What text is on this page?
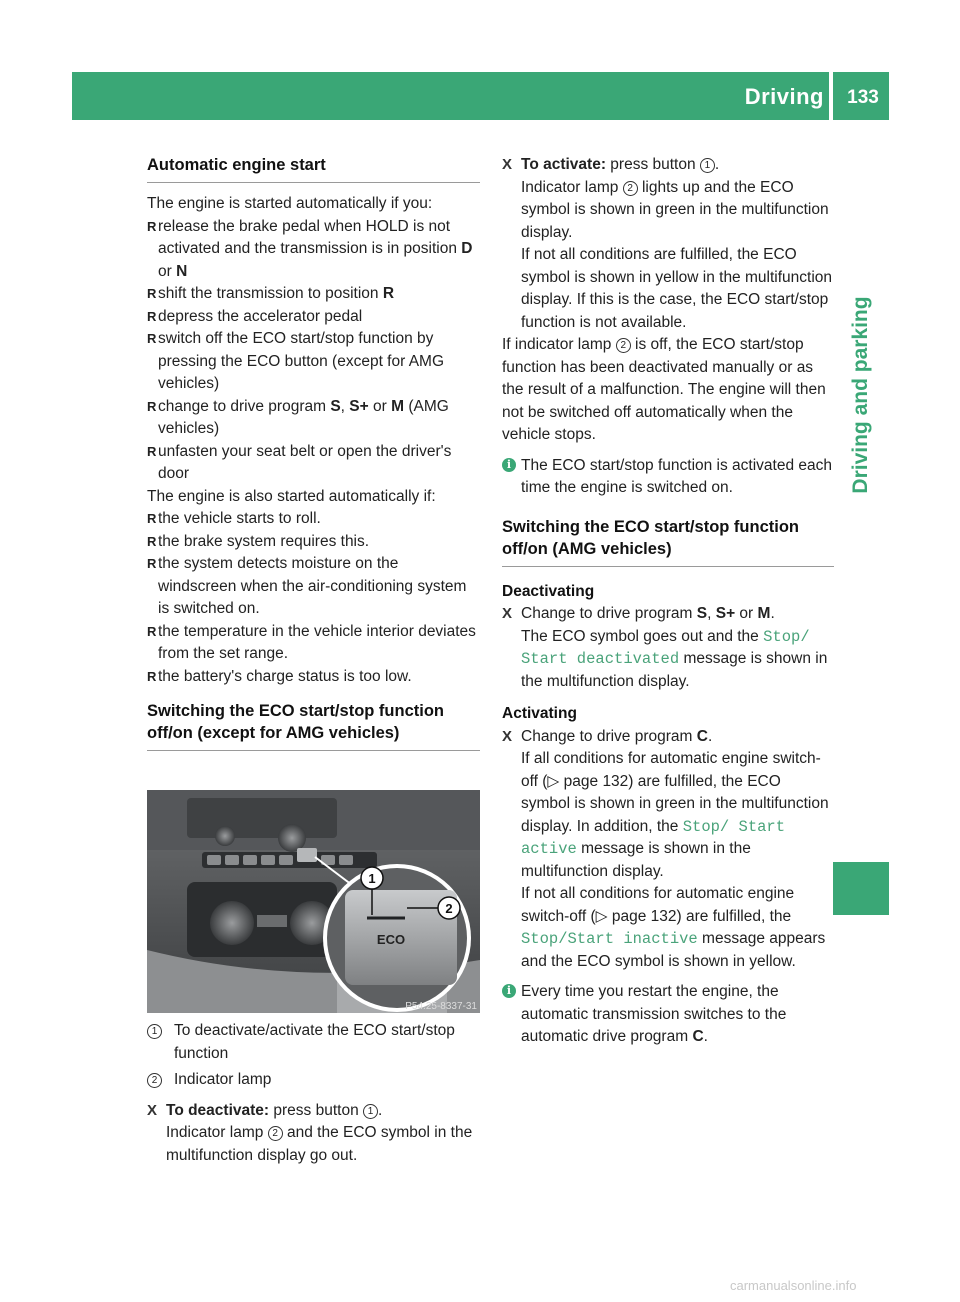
Driving	133
Driving and parking
Automatic engine start

The engine is started automatically if you:

R release the brake pedal when HOLD is not activated and the transmission is in position D or N

R shift the transmission to position R

R depress the accelerator pedal

R switch off the ECO start/stop function by pressing the ECO button (except for AMG vehicles)

R change to drive program S, S+ or M (AMG vehicles)

R unfasten your seat belt or open the driver's door

The engine is also started automatically if:

R the vehicle starts to roll.

R the brake system requires this.

R the system detects moisture on the windscreen when the air-conditioning system is switched on.

R the temperature in the vehicle interior deviates from the set range.

R the battery's charge status is too low.

Switching the ECO start/stop function off/on (except for AMG vehicles)
1
2
ECO
P54.25-8337-31

1	To deactivate/activate the ECO start/stop function

2	Indicator lamp

X To deactivate: press button 1 .
Indicator lamp 2 and the ECO symbol in the multifunction display go out.

X To activate: press button 1 .
Indicator lamp 2 lights up and the ECO symbol is shown in green in the multifunction display.
If not all conditions are fulfilled, the ECO symbol is shown in yellow in the multifunction display. If this is the case, the ECO start/stop function is not available.

If indicator lamp 2 is off, the ECO start/stop function has been deactivated manually or as the result of a malfunction. The engine will then not be switched off automatically when the vehicle stops.

i The ECO start/stop function is activated each time the engine is switched on.

Switching the ECO start/stop function off/on (AMG vehicles)
Deactivating

X Change to drive program S, S+ or M.
The ECO symbol goes out and the Stop/ Start deactivated message is shown in the multifunction display.

Activating

X Change to drive program C.
If all conditions for automatic engine switch-off (▷ page 132) are fulfilled, the ECO symbol is shown in green in the multifunction display. In addition, the Stop/ Start active message is shown in the multifunction display.
If not all conditions for automatic engine switch-off (▷ page 132) are fulfilled, the Stop/Start inactive message appears and the ECO symbol is shown in yellow.

i Every time you restart the engine, the automatic transmission switches to the automatic drive program C.

carmanualsonline.info
